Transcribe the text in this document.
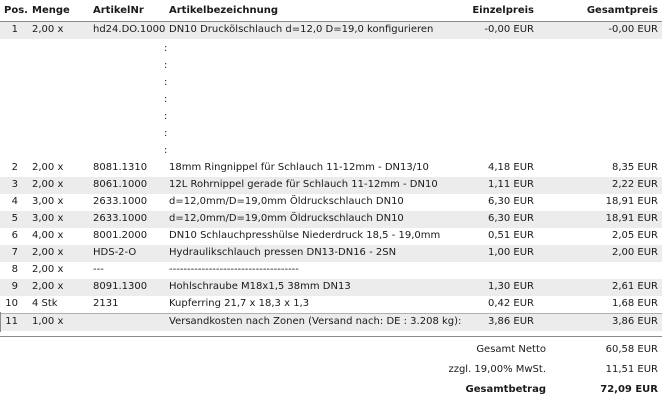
Pos. Menge ArtikelNr	Artikelbezeichnung	Einzelpreis	Gesamtpreis
1 2,00 x	hd24.DO.1000 DN10 Druckölschlauch d=12,0 D=19,0 konfigurieren	-0,00 EUR	-0,00 EUR
:
:
:
:
:
:
:
2 2,00 x	8081.1310 18mm Ringnippel für Schlauch 11-12mm - DN13/10	4,18 EUR	8,35 EUR
3 2,00 x	8061.1000 12L Rohrnippel gerade für Schlauch 11-12mm - DN10	1,11 EUR	2,22 EUR
4 3,00 x	2633.1000 d=12,0mm/D=19,0mm Öldruckschlauch DN10	6,30 EUR	18,91 EUR
5 3,00 x	2633.1000 d=12,0mm/D=19,0mm Öldruckschlauch DN10	6,30 EUR	18,91 EUR
6 4,00 x	8001.2000 DN10 Schlauchpresshülse Niederdruck 18,5 - 19,0mm	0,51 EUR	2,05 EUR
7 2,00 x	HDS-2-O	Hydraulikschlauch pressen DN13-DN16 - 2SN	1,00 EUR	2,00 EUR
8 2,00 x	---	------------------------------------
9 2,00 x	8091.1300 Hohlschraube M18x1,5 38mm DN13	1,30 EUR	2,61 EUR
10 4 Stk	2131	Kupferring 21,7 x 18,3 x 1,3	0,42 EUR	1,68 EUR
11 1,00 x	Versandkosten nach Zonen (Versand nach: DE : 3.208 kg):	3,86 EUR	3,86 EUR
Gesamt Netto	60,58 EUR
zzgl. 19,00% MwSt.	11,51 EUR
Gesamtbetrag	72,09 EUR
